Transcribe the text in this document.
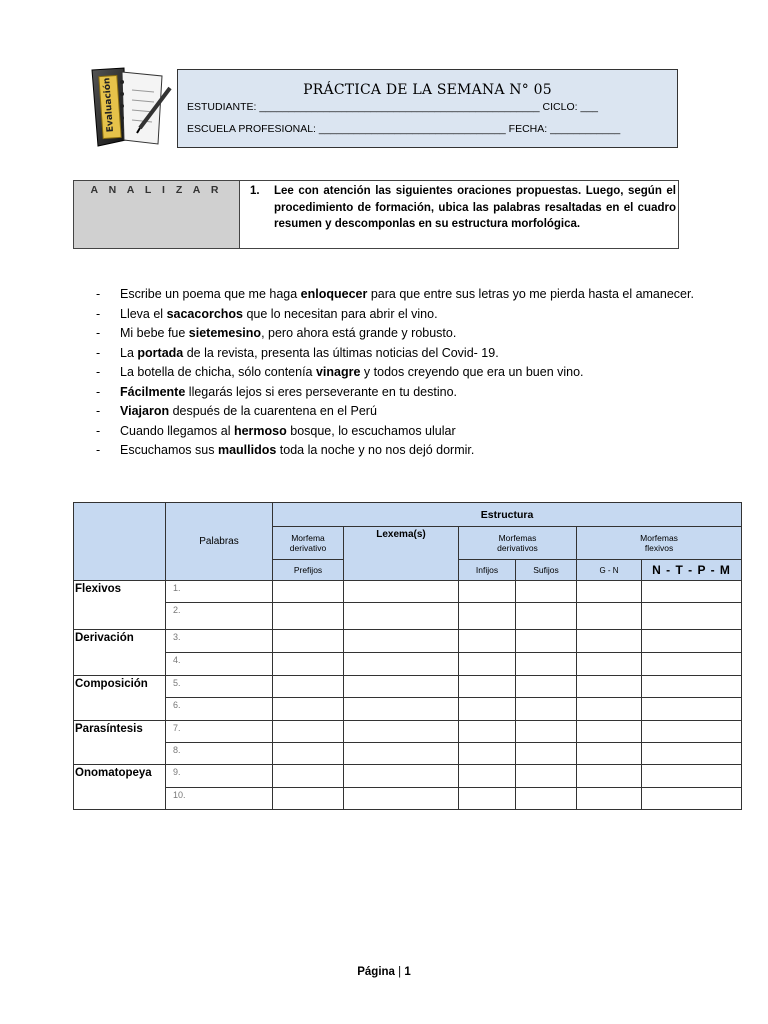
Evaluación	PRÁCTICA DE LA SEMANA N° 05
ESTUDIANTE: ________________________________________________ CICLO: ___
ESCUELA PROFESIONAL: ________________________________ FECHA: ____________
A N A L I Z A R	1.	Lee con atención las siguientes oraciones propuestas. Luego, según el procedimiento de formación, ubica las palabras resaltadas en el cuadro resumen y descomponlas en su estructura morfológica.
- Escribe un poema que me haga enloquecer para que entre sus letras yo me pierda hasta el amanecer.
- Lleva el sacacorchos que lo necesitan para abrir el vino.
- Mi bebe fue sietemesino, pero ahora está grande y robusto.
- La portada de la revista, presenta las últimas noticias del Covid- 19.
- La botella de chicha, sólo contenía vinagre y todos creyendo que era un buen vino.
- Fácilmente llegarás lejos si eres perseverante en tu destino.
- Viajaron después de la cuarentena en el Perú
- Cuando llegamos al hermoso bosque, lo escuchamos ulular
- Escuchamos sus maullidos toda la noche y no nos dejó dormir.
	Palabras	Estructura					
		Morfema derivativo	Lexema(s)	Morfemas derivativos		Morfemas flexivos	
		Prefijos		Infijos	Sufijos	G - N	N - T - P - M
Flexivos	1.						
	2.						
Derivación	3.						
	4.						
Composición	5.						
	6.						
Parasíntesis	7.						
	8.						
Onomatopeya	9.						
	10.						
Página | 1
